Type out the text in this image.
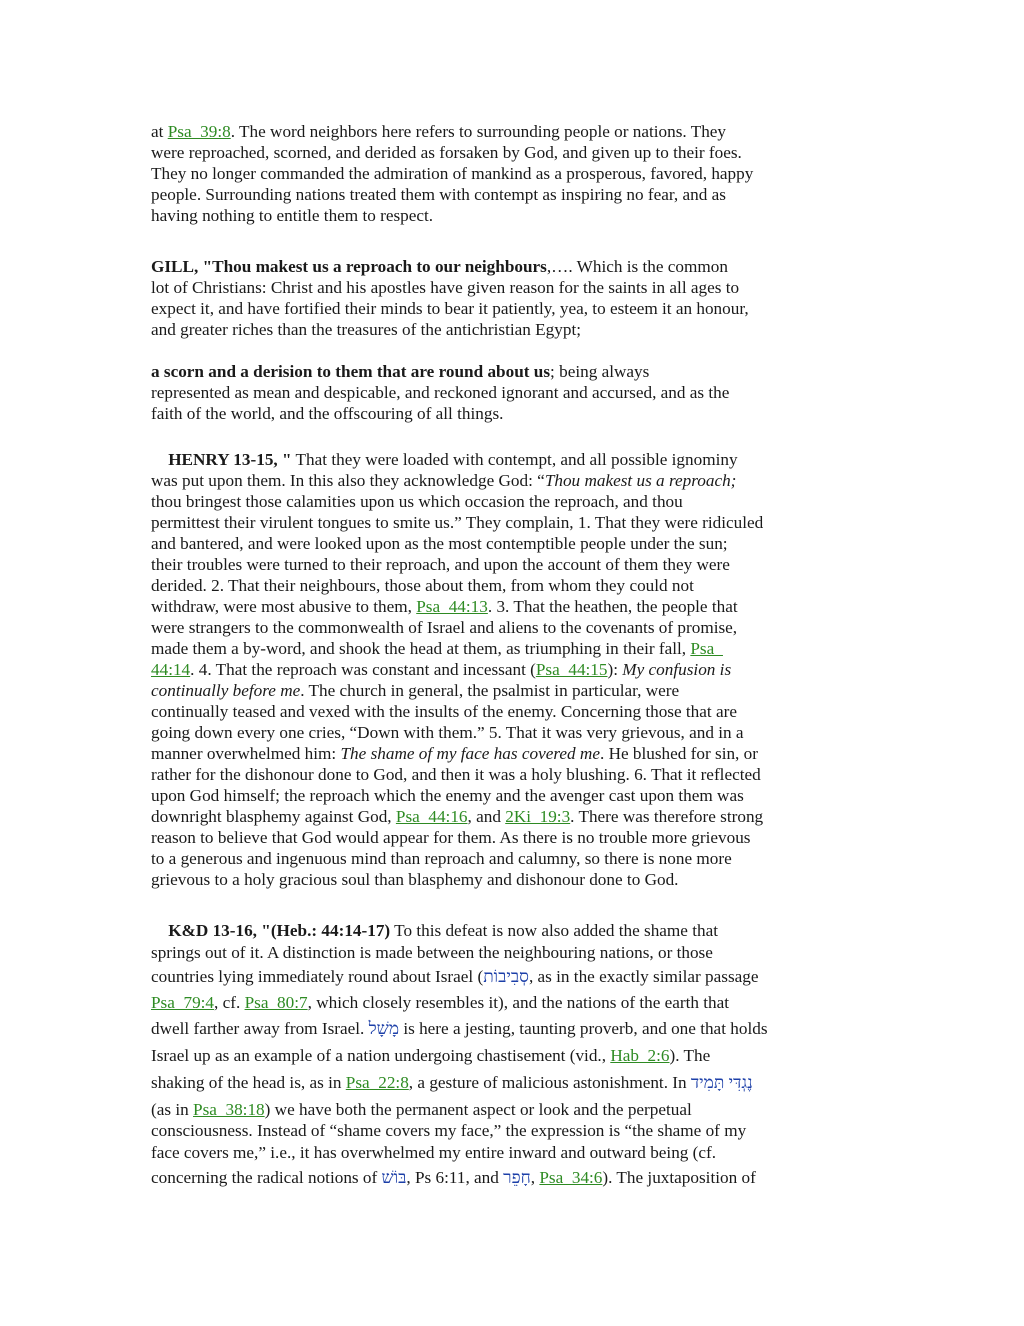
at Psa_39:8. The word neighbors here refers to surrounding people or nations. They
were reproached, scorned, and derided as forsaken by God, and given up to their foes.
They no longer commanded the admiration of mankind as a prosperous, favored, happy
people. Surrounding nations treated them with contempt as inspiring no fear, and as
having nothing to entitle them to respect.
GILL, "Thou makest us a reproach to our neighbours,…. Which is the common
lot of Christians: Christ and his apostles have given reason for the saints in all ages to
expect it, and have fortified their minds to bear it patiently, yea, to esteem it an honour,
and greater riches than the treasures of the antichristian Egypt;
a scorn and a derision to them that are round about us; being always
represented as mean and despicable, and reckoned ignorant and accursed, and as the
faith of the world, and the offscouring of all things.
HENRY 13-15, " That they were loaded with contempt, and all possible ignominy
was put upon them. In this also they acknowledge God: “Thou makest us a reproach;
thou bringest those calamities upon us which occasion the reproach, and thou
permittest their virulent tongues to smite us.” They complain, 1. That they were ridiculed
and bantered, and were looked upon as the most contemptible people under the sun;
their troubles were turned to their reproach, and upon the account of them they were
derided. 2. That their neighbours, those about them, from whom they could not
withdraw, were most abusive to them, Psa_44:13. 3. That the heathen, the people that
were strangers to the commonwealth of Israel and aliens to the covenants of promise,
made them a by-word, and shook the head at them, as triumphing in their fall, Psa_
44:14. 4. That the reproach was constant and incessant (Psa_44:15): My confusion is
continually before me. The church in general, the psalmist in particular, were
continually teased and vexed with the insults of the enemy. Concerning those that are
going down every one cries, “Down with them.” 5. That it was very grievous, and in a
manner overwhelmed him: The shame of my face has covered me. He blushed for sin, or
rather for the dishonour done to God, and then it was a holy blushing. 6. That it reflected
upon God himself; the reproach which the enemy and the avenger cast upon them was
downright blasphemy against God, Psa_44:16, and 2Ki_19:3. There was therefore strong
reason to believe that God would appear for them. As there is no trouble more grievous
to a generous and ingenuous mind than reproach and calumny, so there is none more
grievous to a holy gracious soul than blasphemy and dishonour done to God.
K&D 13-16, "(Heb.: 44:14-17) To this defeat is now also added the shame that
springs out of it. A distinction is made between the neighbouring nations, or those
countries lying immediately round about Israel (סְבִיבוֹת, as in the exactly similar passage
Psa_79:4, cf. Psa_80:7, which closely resembles it), and the nations of the earth that
dwell farther away from Israel. מָשָׁל is here a jesting, taunting proverb, and one that holds
Israel up as an example of a nation undergoing chastisement (vid., Hab_2:6). The
shaking of the head is, as in Psa_22:8, a gesture of malicious astonishment. In נֶגְדִּי תָּמִיד
(as in Psa_38:18) we have both the permanent aspect or look and the perpetual
consciousness. Instead of “shame covers my face,” the expression is “the shame of my
face covers me,” i.e., it has overwhelmed my entire inward and outward being (cf.
concerning the radical notions of בּוֹשׁ, Ps 6:11, and חָפֵר, Psa_34:6). The juxtaposition of
